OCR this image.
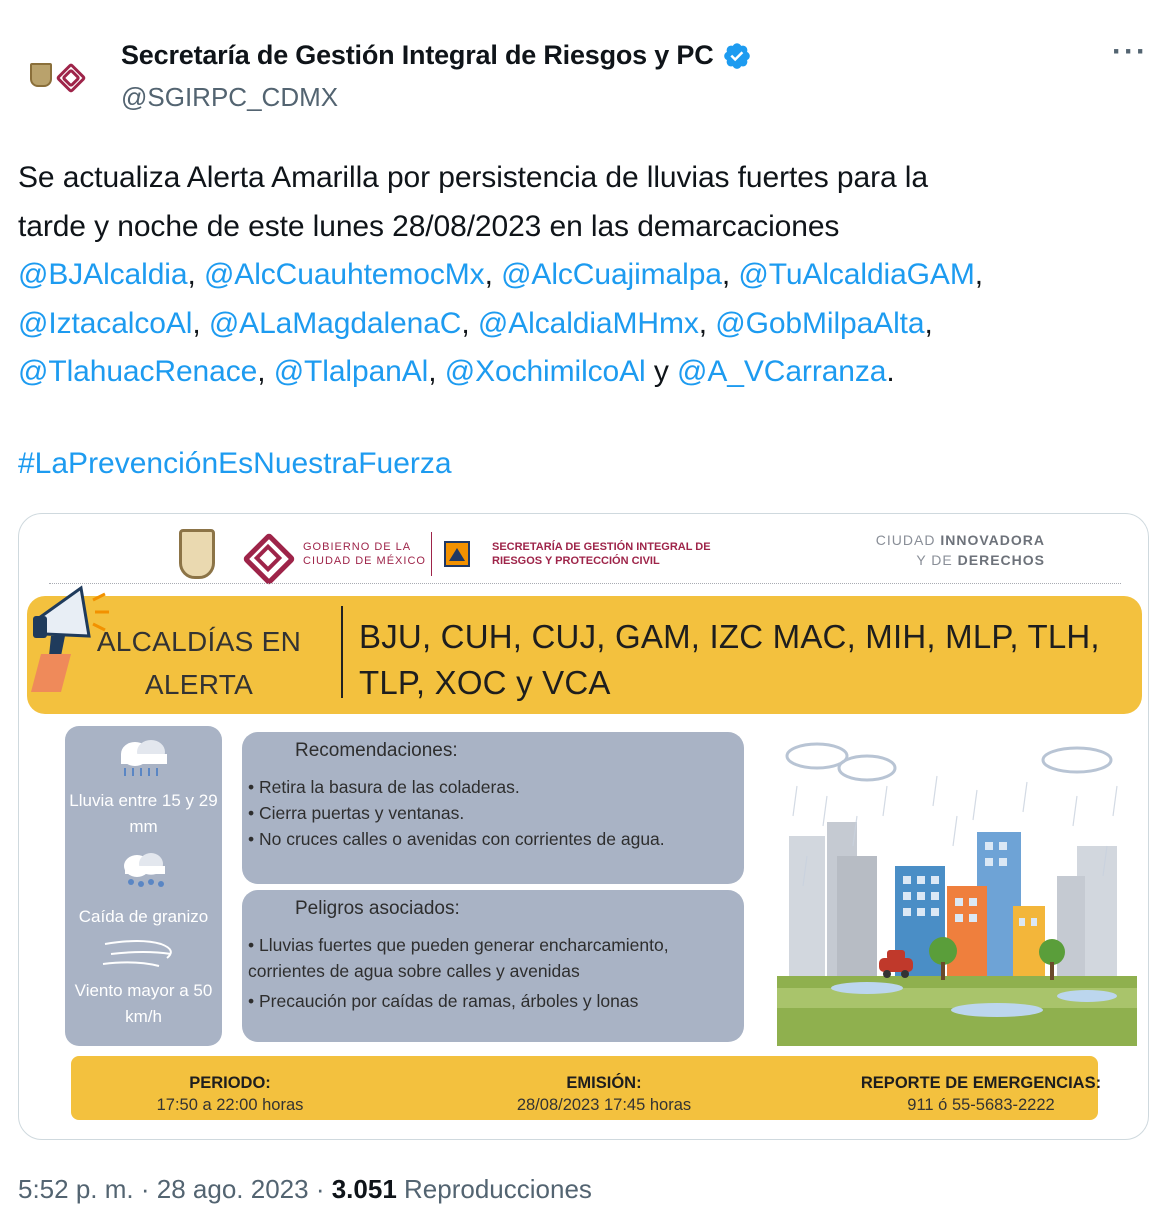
Secretaría de Gestión Integral de Riesgos y PC
@SGIRPC_CDMX
···
Se actualiza Alerta Amarilla por persistencia de lluvias fuertes para la
tarde y noche de este lunes 28/08/2023 en las demarcaciones
@BJAlcaldia, @AlcCuauhtemocMx, @AlcCuajimalpa, @TuAlcaldiaGAM,
@IztacalcoAl, @ALaMagdalenaC, @AlcaldiaMHmx, @GobMilpaAlta,
@TlahuacRenace, @TlalpanAl, @XochimilcoAl y @A_VCarranza.
#LaPrevenciónEsNuestraFuerza
GOBIERNO DE LA CIUDAD DE MÉXICO
SECRETARÍA DE GESTIÓN INTEGRAL DE RIESGOS Y PROTECCIÓN CIVIL
CIUDAD INNOVADORA
Y DE DERECHOS
ALCALDÍAS EN ALERTA
BJU, CUH, CUJ, GAM, IZC MAC, MIH, MLP, TLH, TLP, XOC y VCA
Lluvia entre 15 y 29 mm
Caída de granizo
Viento mayor a 50 km/h
Recomendaciones:
• Retira la basura de las coladeras.
• Cierra puertas y ventanas.
• No cruces calles o avenidas con corrientes de agua.
Peligros asociados:
• Lluvias fuertes que pueden generar encharcamiento, corrientes de agua sobre calles y avenidas
• Precaución por caídas de ramas, árboles y lonas
PERIODO:
17:50 a 22:00 horas
EMISIÓN:
28/08/2023 17:45 horas
REPORTE DE EMERGENCIAS:
911 ó 55-5683-2222
5:52 p. m. · 28 ago. 2023 · 3.051 Reproducciones
